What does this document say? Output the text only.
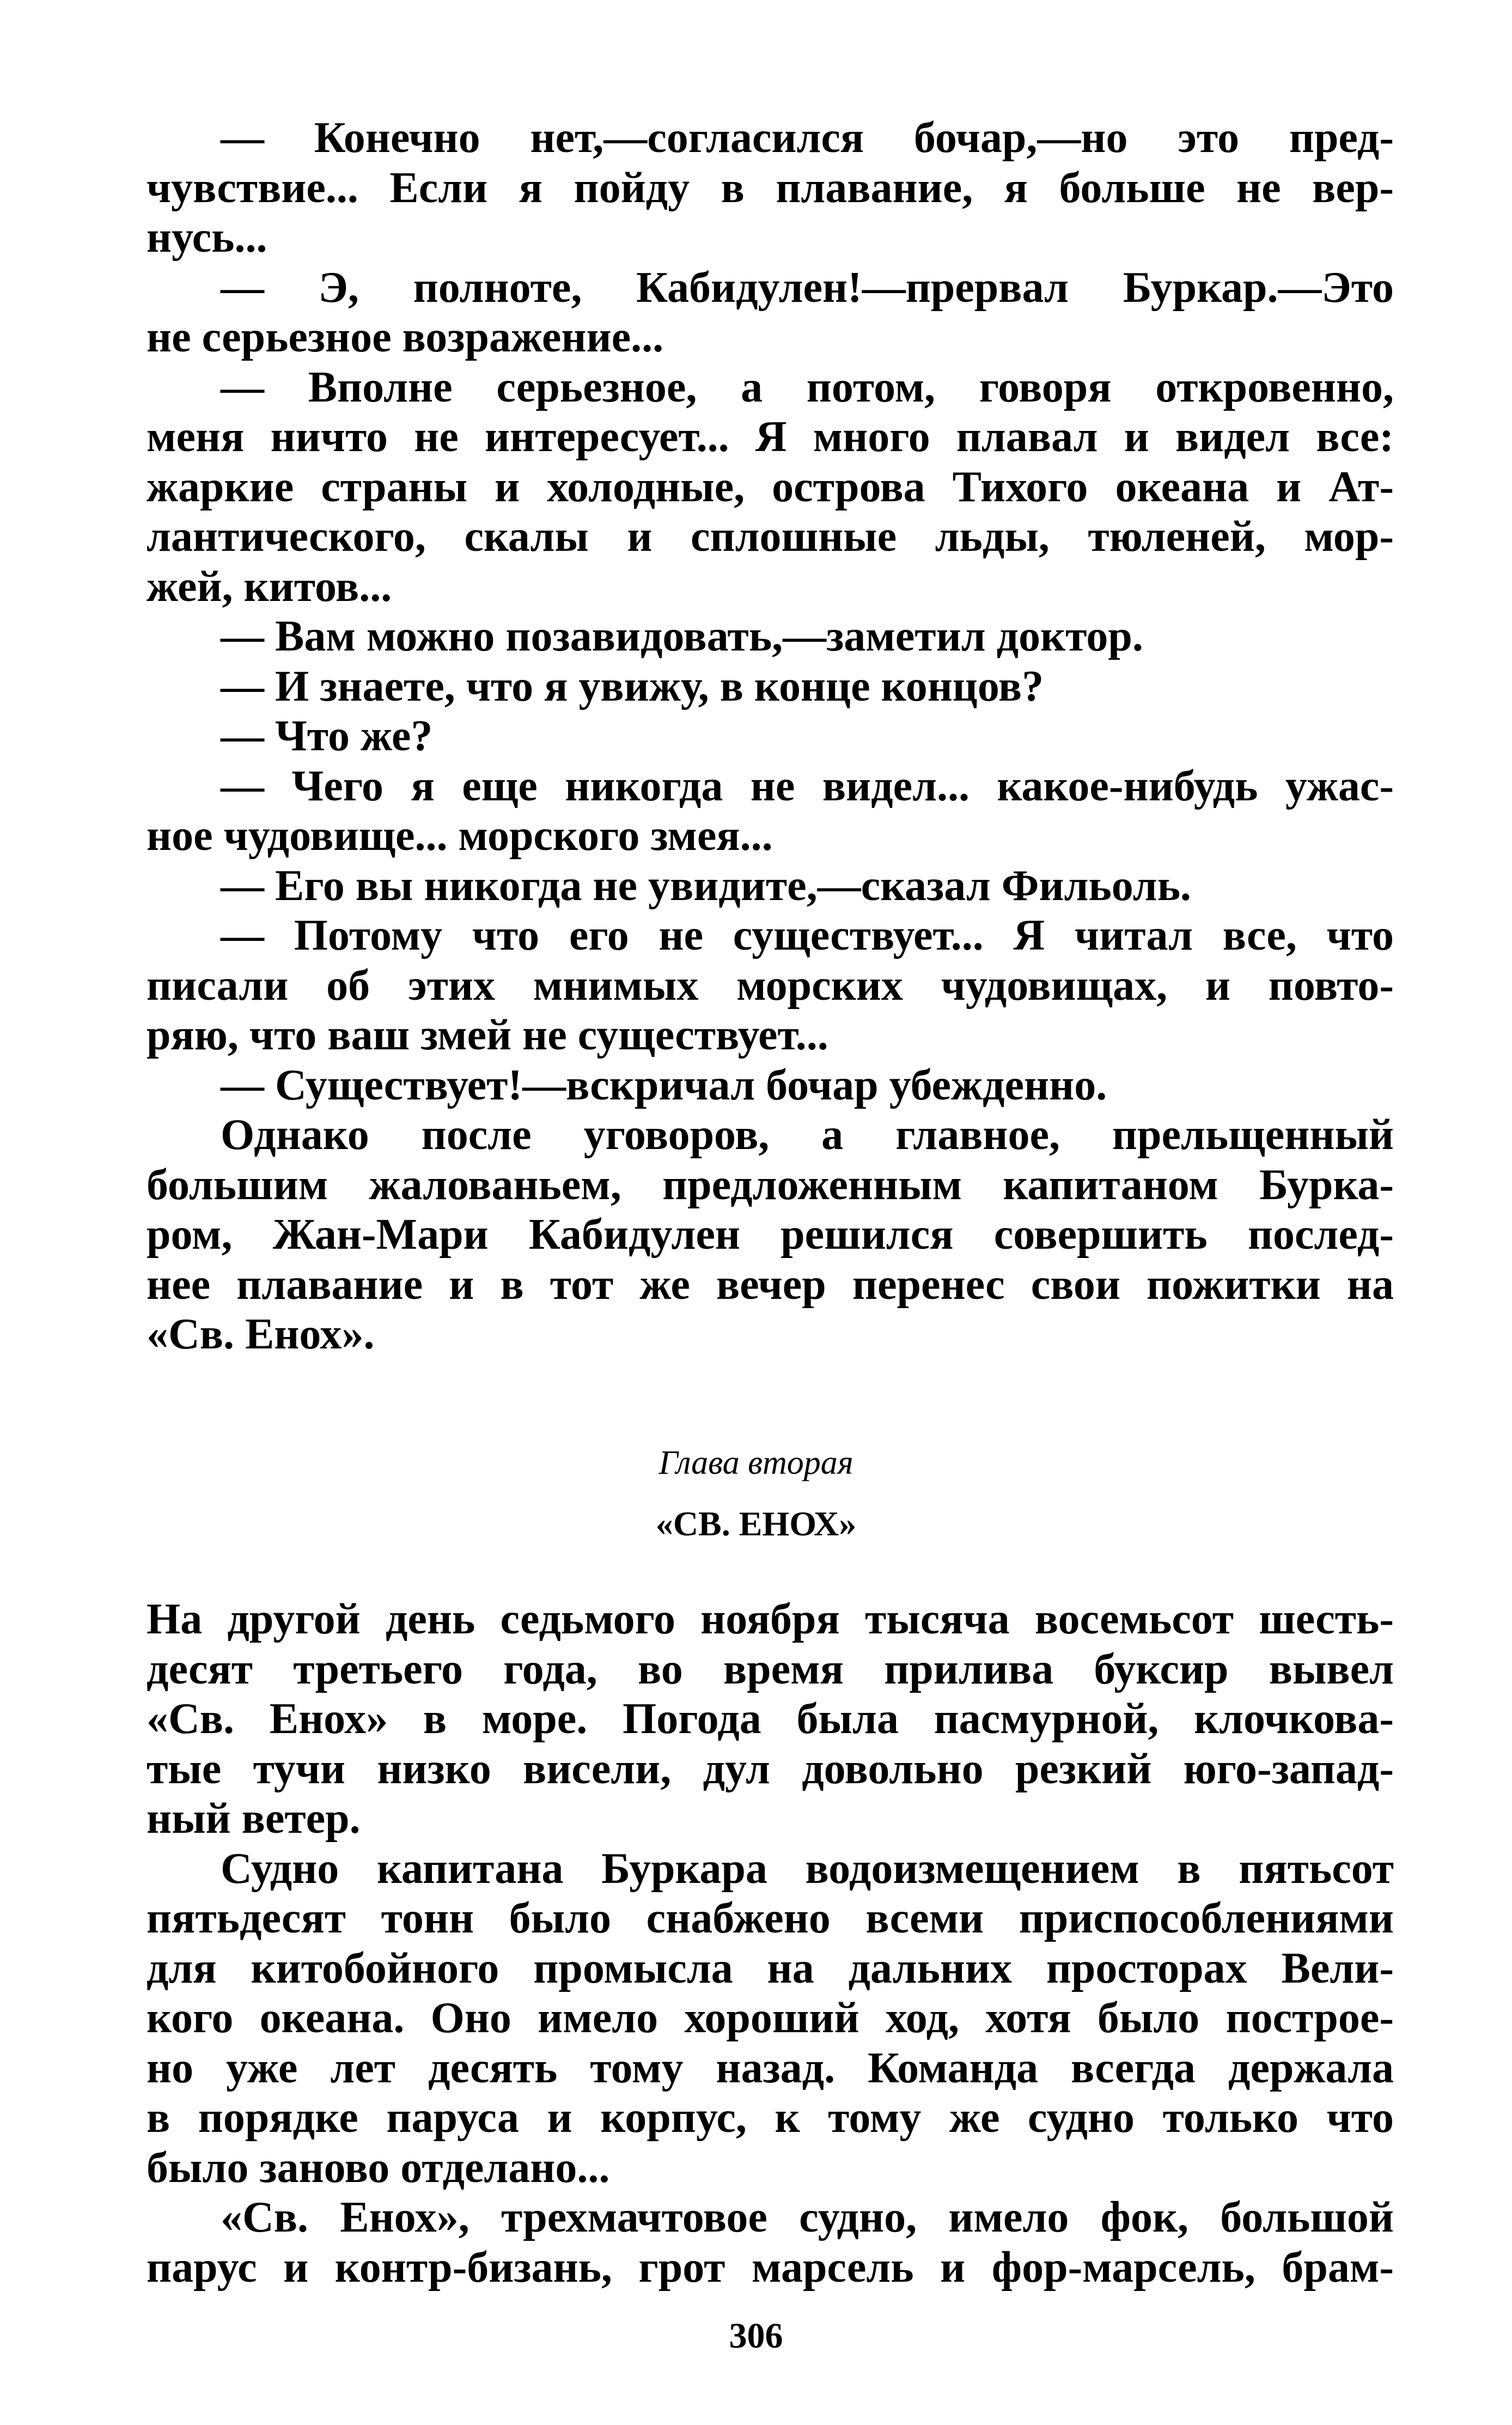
— Конечно нет,—согласился бочар,—но это пред-
чувствие... Если я пойду в плавание, я больше не вер-
нусь...
— Э, полноте, Кабидулен!—прервал Буркар.—Это
не серьезное возражение...
— Вполне серьезное, а потом, говоря откровенно,
меня ничто не интересует... Я много плавал и видел все:
жаркие страны и холодные, острова Тихого океана и Ат-
лантического, скалы и сплошные льды, тюленей, мор-
жей, китов...
— Вам можно позавидовать,—заметил доктор.
— И знаете, что я увижу, в конце концов?
— Что же?
— Чего я еще никогда не видел... какое-нибудь ужас-
ное чудовище... морского змея...
— Его вы никогда не увидите,—сказал Фильоль.
— Потому что его не существует... Я читал все, что
писали об этих мнимых морских чудовищах, и повто-
ряю, что ваш змей не существует...
— Существует!—вскричал бочар убежденно.
Однако после уговоров, а главное, прельщенный
большим жалованьем, предложенным капитаном Бурка-
ром, Жан-Мари Кабидулен решился совершить послед-
нее плавание и в тот же вечер перенес свои пожитки на
«Св. Енох».
Глава вторая
«СВ. ЕНОХ»
На другой день седьмого ноября тысяча восемьсот шесть-
десят третьего года, во время прилива буксир вывел
«Св. Енох» в море. Погода была пасмурной, клочкова-
тые тучи низко висели, дул довольно резкий юго-запад-
ный ветер.
Судно капитана Буркара водоизмещением в пятьсот
пятьдесят тонн было снабжено всеми приспособлениями
для китобойного промысла на дальних просторах Вели-
кого океана. Оно имело хороший ход, хотя было построе-
но уже лет десять тому назад. Команда всегда держала
в порядке паруса и корпус, к тому же судно только что
было заново отделано...
«Св. Енох», трехмачтовое судно, имело фок, большой
парус и контр-бизань, грот марсель и фор-марсель, брам-
306
